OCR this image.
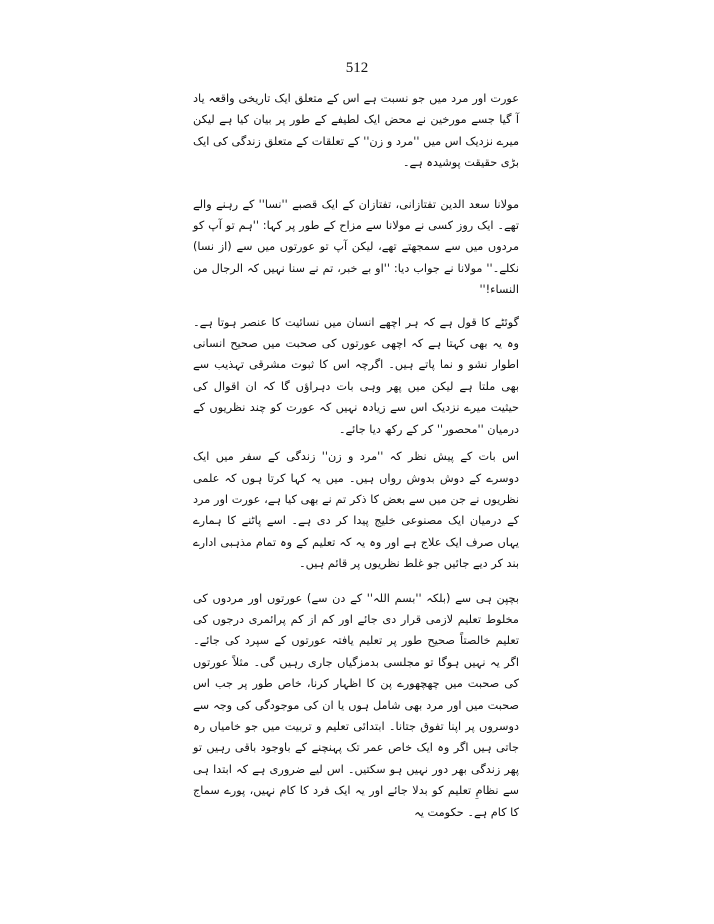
512

عورت اور مرد میں جو نسبت ہے اس کے متعلق ایک تاریخی واقعہ یاد آ گیا جسے مورخین نے محض ایک لطیفے کے طور پر بیان کیا ہے لیکن میرے نزدیک اس میں ''مرد و زن'' کے تعلقات کے متعلق زندگی کی ایک بڑی حقیقت پوشیدہ ہے۔

مولانا سعد الدین تفتازانی، تفتازان کے ایک قصبے ''نسا'' کے رہنے والے تھے۔ ایک روز کسی نے مولانا سے مزاح کے طور پر کہا: ''ہم تو آپ کو مردوں میں سے سمجھتے تھے، لیکن آپ تو عورتوں میں سے (از نسا) نکلے۔'' مولانا نے جواب دیا: ''او بے خبر، تم نے سنا نہیں کہ الرجال من النساء!''

گوئٹے کا قول ہے کہ ہر اچھے انسان میں نسائیت کا عنصر ہوتا ہے۔ وہ یہ بھی کہتا ہے کہ اچھی عورتوں کی صحبت میں صحیح انسانی اطوار نشو و نما پاتے ہیں۔ اگرچہ اس کا ثبوت مشرقی تہذیب سے بھی ملتا ہے لیکن میں پھر وہی بات دہراؤں گا کہ ان اقوال کی حیثیت میرے نزدیک اس سے زیادہ نہیں کہ عورت کو چند نظریوں کے درمیان ''محصور'' کر کے رکھ دیا جائے۔

اس بات کے پیش نظر کہ ''مرد و زن'' زندگی کے سفر میں ایک دوسرے کے دوش بدوش رواں ہیں۔ میں یہ کہا کرتا ہوں کہ علمی نظریوں نے جن میں سے بعض کا ذکر تم نے بھی کیا ہے، عورت اور مرد کے درمیان ایک مصنوعی خلیج پیدا کر دی ہے۔ اسے پاٹنے کا ہمارے یہاں صرف ایک علاج ہے اور وہ یہ کہ تعلیم کے وہ تمام مذہبی ادارے بند کر دیے جائیں جو غلط نظریوں پر قائم ہیں۔

بچپن ہی سے (بلکہ ''بسم اللہ'' کے دن سے) عورتوں اور مردوں کی مخلوط تعلیم لازمی قرار دی جائے اور کم از کم پرائمری درجوں کی تعلیم خالصتاً صحیح طور پر تعلیم یافتہ عورتوں کے سپرد کی جائے۔ اگر یہ نہیں ہوگا تو مجلسی بدمزگیاں جاری رہیں گی۔ مثلاً عورتوں کی صحبت میں چھچھورے پن کا اظہار کرنا، خاص طور پر جب اس صحبت میں اور مرد بھی شامل ہوں یا ان کی موجودگی کی وجہ سے دوسروں پر اپنا تفوق جتانا۔ ابتدائی تعلیم و تربیت میں جو خامیاں رہ جاتی ہیں اگر وہ ایک خاص عمر تک پہنچنے کے باوجود باقی رہیں تو پھر زندگی بھر دور نہیں ہو سکتیں۔ اس لیے ضروری ہے کہ ابتدا ہی سے نظامِ تعلیم کو بدلا جائے اور یہ ایک فرد کا کام نہیں، پورے سماج کا کام ہے۔ حکومت یہ
